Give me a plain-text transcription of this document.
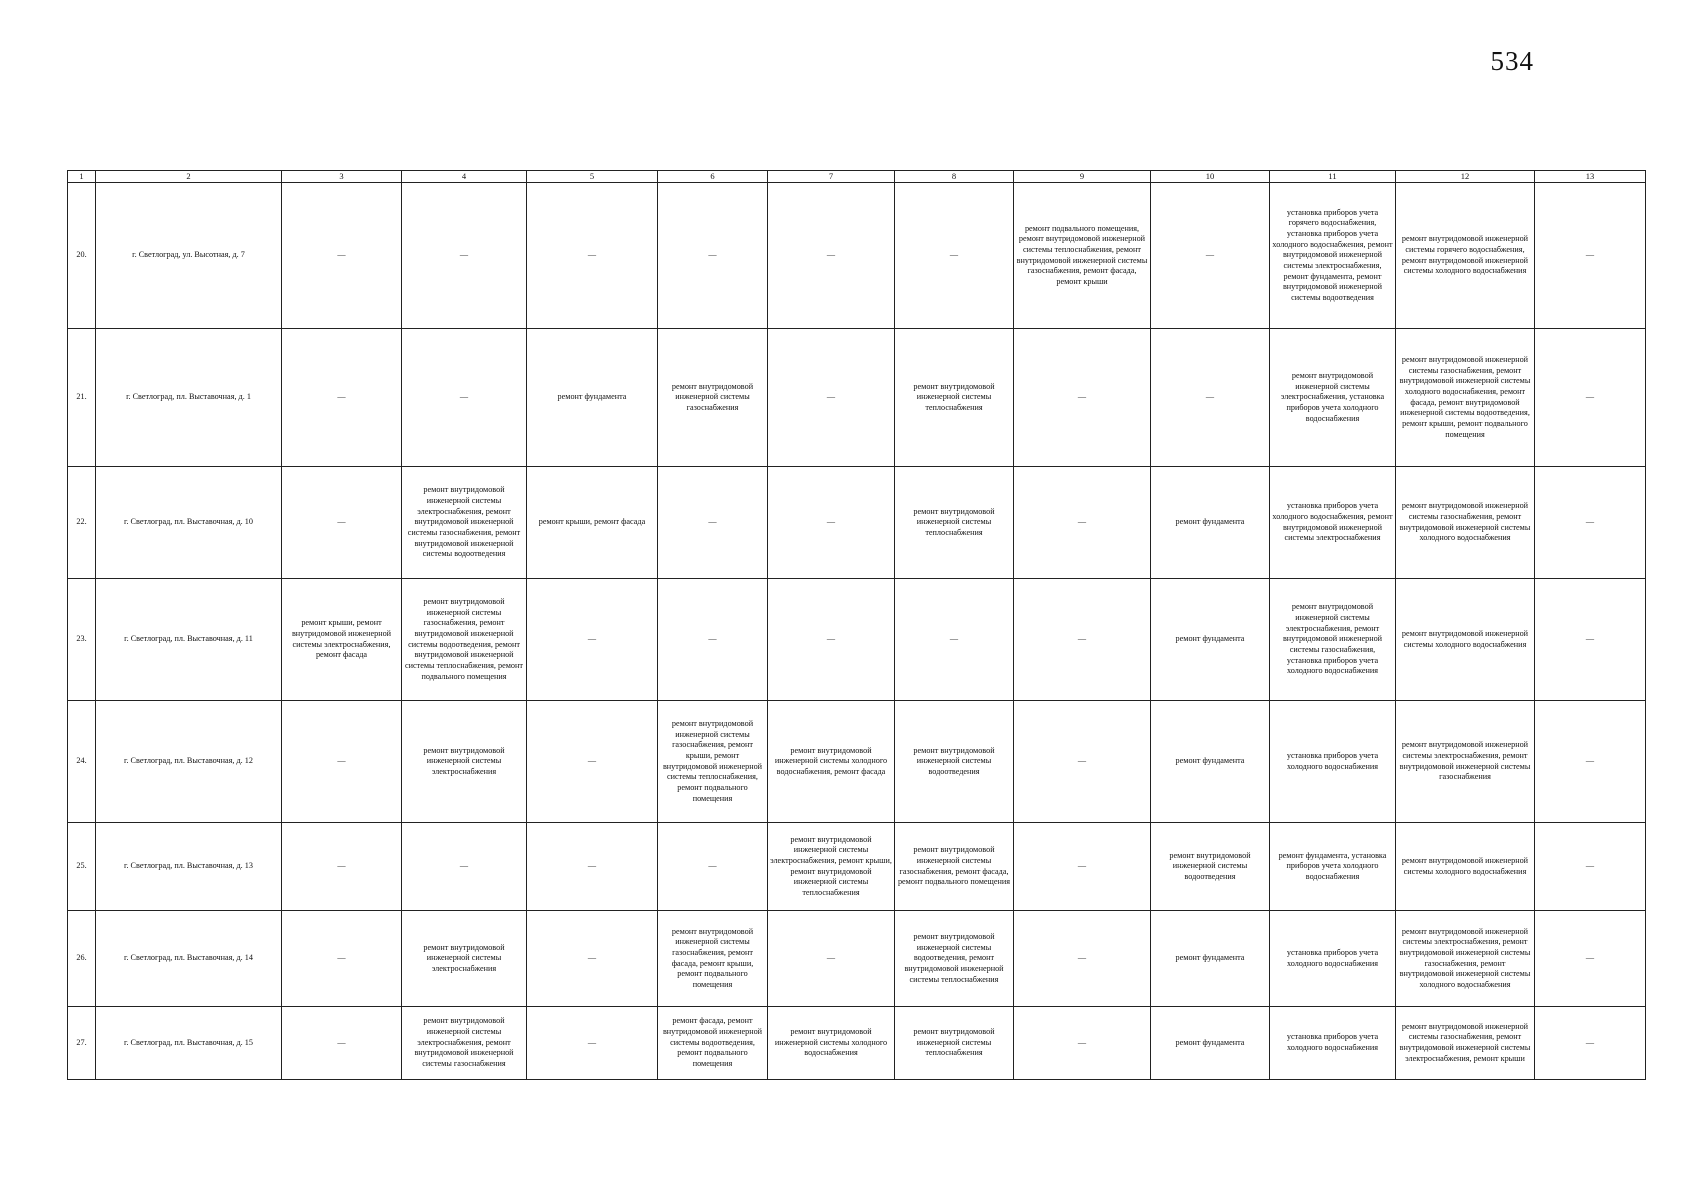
534
1	2	3	4	5	6	7	8	9	10	11	12	13
20.	г. Светлоград, ул. Высотная, д. 7	—	—	—	—	—	—	ремонт подвального помещения, ремонт внутридомовой инженерной системы теплоснабжения, ремонт внутридомовой инженерной системы газоснабжения, ремонт фасада, ремонт крыши	—	установка приборов учета горячего водоснабжения, установка приборов учета холодного водоснабжения, ремонт внутридомовой инженерной системы электроснабжения, ремонт фундамента, ремонт внутридомовой инженерной системы водоотведения	ремонт внутридомовой инженерной системы горячего водоснабжения, ремонт внутридомовой инженерной системы холодного водоснабжения	—
21.	г. Светлоград, пл. Выставочная, д. 1	—	—	ремонт фундамента	ремонт внутридомовой инженерной системы газоснабжения	—	ремонт внутридомовой инженерной системы теплоснабжения	—	—	ремонт внутридомовой инженерной системы электроснабжения, установка приборов учета холодного водоснабжения	ремонт внутридомовой инженерной системы газоснабжения, ремонт внутридомовой инженерной системы холодного водоснабжения, ремонт фасада, ремонт внутридомовой инженерной системы водоотведения, ремонт крыши, ремонт подвального помещения	—
22.	г. Светлоград, пл. Выставочная, д. 10	—	ремонт внутридомовой инженерной системы электроснабжения, ремонт внутридомовой инженерной системы газоснабжения, ремонт внутридомовой инженерной системы водоотведения	ремонт крыши, ремонт фасада	—	—	ремонт внутридомовой инженерной системы теплоснабжения	—	ремонт фундамента	установка приборов учета холодного водоснабжения, ремонт внутридомовой инженерной системы электроснабжения	ремонт внутридомовой инженерной системы газоснабжения, ремонт внутридомовой инженерной системы холодного водоснабжения	—
23.	г. Светлоград, пл. Выставочная, д. 11	ремонт крыши, ремонт внутридомовой инженерной системы электроснабжения, ремонт фасада	ремонт внутридомовой инженерной системы газоснабжения, ремонт внутридомовой инженерной системы водоотведения, ремонт внутридомовой инженерной системы теплоснабжения, ремонт подвального помещения	—	—	—	—	—	ремонт фундамента	ремонт внутридомовой инженерной системы электроснабжения, ремонт внутридомовой инженерной системы газоснабжения, установка приборов учета холодного водоснабжения	ремонт внутридомовой инженерной системы холодного водоснабжения	—
24.	г. Светлоград, пл. Выставочная, д. 12	—	ремонт внутридомовой инженерной системы электроснабжения	—	ремонт внутридомовой инженерной системы газоснабжения, ремонт крыши, ремонт внутридомовой инженерной системы теплоснабжения, ремонт подвального помещения	ремонт внутридомовой инженерной системы холодного водоснабжения, ремонт фасада	ремонт внутридомовой инженерной системы водоотведения	—	ремонт фундамента	установка приборов учета холодного водоснабжения	ремонт внутридомовой инженерной системы электроснабжения, ремонт внутридомовой инженерной системы газоснабжения	—
25.	г. Светлоград, пл. Выставочная, д. 13	—	—	—	—	ремонт внутридомовой инженерной системы электроснабжения, ремонт крыши, ремонт внутридомовой инженерной системы теплоснабжения	ремонт внутридомовой инженерной системы газоснабжения, ремонт фасада, ремонт подвального помещения	—	ремонт внутридомовой инженерной системы водоотведения	ремонт фундамента, установка приборов учета холодного водоснабжения	ремонт внутридомовой инженерной системы холодного водоснабжения	—
26.	г. Светлоград, пл. Выставочная, д. 14	—	ремонт внутридомовой инженерной системы электроснабжения	—	ремонт внутридомовой инженерной системы газоснабжения, ремонт фасада, ремонт крыши, ремонт подвального помещения	—	ремонт внутридомовой инженерной системы водоотведения, ремонт внутридомовой инженерной системы теплоснабжения	—	ремонт фундамента	установка приборов учета холодного водоснабжения	ремонт внутридомовой инженерной системы электроснабжения, ремонт внутридомовой инженерной системы газоснабжения, ремонт внутридомовой инженерной системы холодного водоснабжения	—
27.	г. Светлоград, пл. Выставочная, д. 15	—	ремонт внутридомовой инженерной системы электроснабжения, ремонт внутридомовой инженерной системы газоснабжения	—	ремонт фасада, ремонт внутридомовой инженерной системы водоотведения, ремонт подвального помещения	ремонт внутридомовой инженерной системы холодного водоснабжения	ремонт внутридомовой инженерной системы теплоснабжения	—	ремонт фундамента	установка приборов учета холодного водоснабжения	ремонт внутридомовой инженерной системы газоснабжения, ремонт внутридомовой инженерной системы электроснабжения, ремонт крыши	—
